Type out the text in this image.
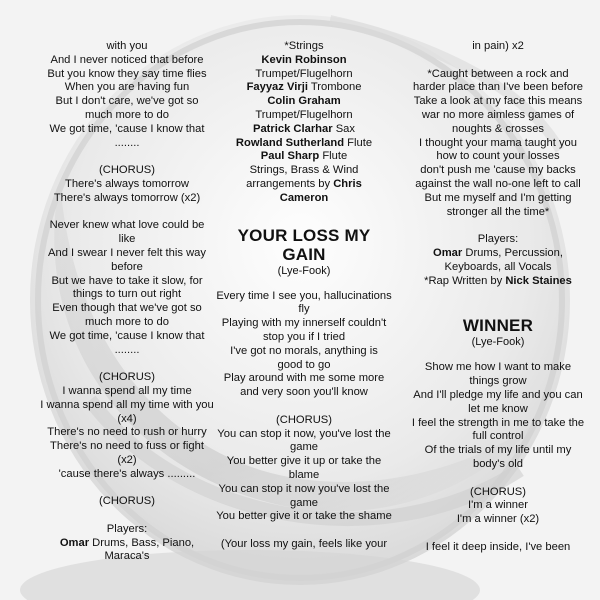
with you
And I never noticed that before
But you know they say time flies
When you are having fun
But I don't care, we've got so
much more to do
We got time, 'cause I know that
........
(CHORUS)
There's always tomorrow
There's always tomorrow (x2)
Never knew what love could be
like
And I swear I never felt this way
before
But we have to take it slow, for
things to turn out right
Even though that we've got so
much more to do
We got time, 'cause I know that
........
(CHORUS)
I wanna spend all my time
I wanna spend all my time with you
(x4)
There's no need to rush or hurry
There's no need to fuss or fight
(x2)
'cause there's always .........
(CHORUS)
Players:
Omar Drums, Bass, Piano,
Maraca's
*Strings
Kevin Robinson
Trumpet/Flugelhorn
Fayyaz Virji Trombone
Colin Graham
Trumpet/Flugelhorn
Patrick Clarhar Sax
Rowland Sutherland Flute
Paul Sharp Flute
Strings, Brass & Wind
arrangements by Chris
Cameron
YOUR LOSS MY
GAIN
(Lye-Fook)
Every time I see you, hallucinations
fly
Playing with my innerself couldn't
stop you if I tried
I've got no morals, anything is
good to go
Play around with me some more
and very soon you'll know
(CHORUS)
You can stop it now, you've lost the
game
You better give it up or take the
blame
You can stop it now you've lost the
game
You better give it or take the shame
(Your loss my gain, feels like your
in pain) x2
*Caught between a rock and
harder place than I've been before
Take a look at my face this means
war no more aimless games of
noughts & crosses
I thought your mama taught you
how to count your losses
don't push me 'cause my backs
against the wall no-one left to call
But me myself and I'm getting
stronger all the time*
Players:
Omar Drums, Percussion,
Keyboards, all Vocals
*Rap Written by Nick Staines
WINNER
(Lye-Fook)
Show me how I want to make
things grow
And I'll pledge my life and you can
let me know
I feel the strength in me to take the
full control
Of the trials of my life until my
body's old
(CHORUS)
I'm a winner
I'm a winner (x2)
I feel it deep inside, I've been
